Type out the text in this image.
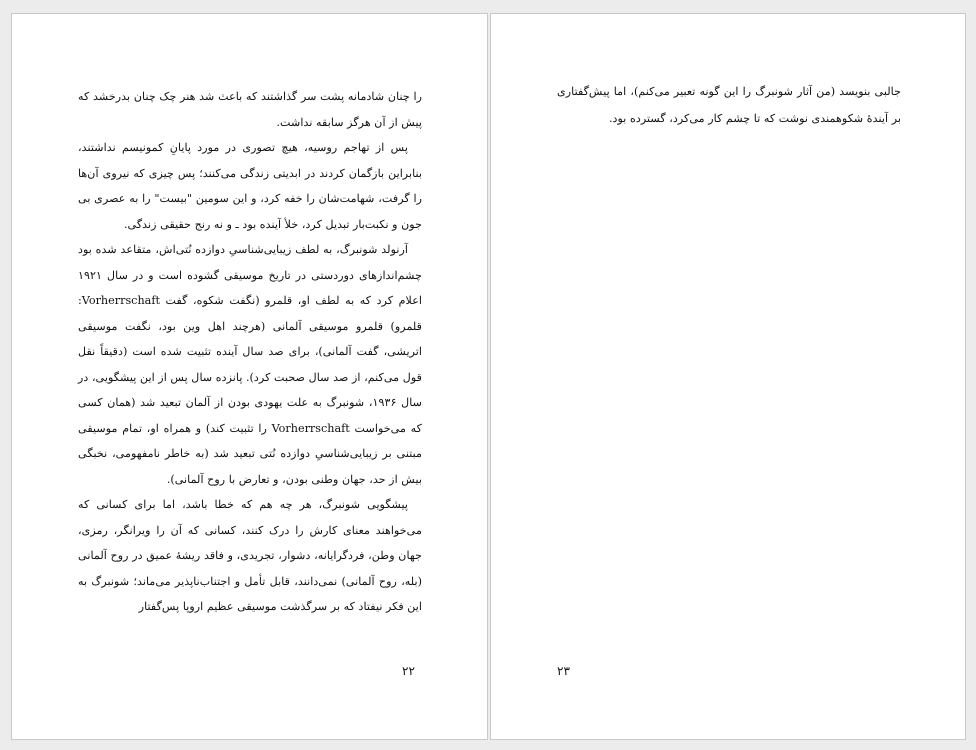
را چنان شادمانه پشت سر گذاشتند که باعث شد هنر چک چنان بدرخشد که پیش از آن هرگز سابقه نداشت.

پس از تهاجم روسیه، هیچ تصوری در مورد پایانِ کمونیسم نداشتند، بنابراین بازگمان کردند در ابدیتی زندگی می‌کنند؛ پس چیزی که نیروی آن‌ها را گرفت، شهامت‌شان را خفه کرد، و این سومین "بیست" را به عصری بی جون و نکبت‌بار تبدیل کرد، خلأ آینده بود ـ و نه رنج حقیقی زندگی.

آرنولد شونبرگ، به لطف زیبایی‌شناسیِ دوازده نُتی‌اش، متقاعد شده بود چشم‌اندازهای دوردستی در تاریخ موسیقی گشوده است و در سال ۱۹۲۱ اعلام کرد که به لطف او، قلمرو (نگفت شکوه، گفت Vorherrschaft: قلمرو) قلمرو موسیقی آلمانی (هرچند اهل وین بود، نگفت موسیقی اتریشی، گفت آلمانی)، برای صد سال آینده تثبیت شده است (دقیقاً نقل قول می‌کنم، از صد سال صحبت کرد). پانزده سال پس از این پیشگویی، در سال ۱۹۳۶، شونبرگ به علت یهودی بودن از آلمان تبعید شد (همان کسی که می‌خواست Vorherrschaft را تثبیت کند) و همراه او، تمام موسیقی مبتنی بر زیبایی‌شناسیِ دوازده نُتی تبعید شد (به خاطر نامفهومی، نخبگی بیش از حد، جهان وطنی بودن، و تعارض با روح آلمانی).

پیشگویی شونبرگ، هر چه هم که خطا باشد، اما برای کسانی که می‌خواهند معنای کارش را درک کنند، کسانی که آن را ویرانگر، رمزی، جهان وطن، فردگرایانه، دشوار، تجریدی، و فاقد ریشهٔ عمیق در روح آلمانی (بله، روح آلمانی) نمی‌دانند، قابل تأمل و اجتناب‌ناپذیر می‌ماند؛ شونبرگ به این فکر نیفتاد که بر سرگذشت موسیقی عظیم اروپا پس‌گفتار

۲۲

جالبی بنویسد (من آثار شونبرگ را این گونه تعبیر می‌کنم)، اما پیش‌گفتاری بر آیندهٔ شکوهمندی نوشت که تا چشم کار می‌کرد، گسترده بود.

۲۳
